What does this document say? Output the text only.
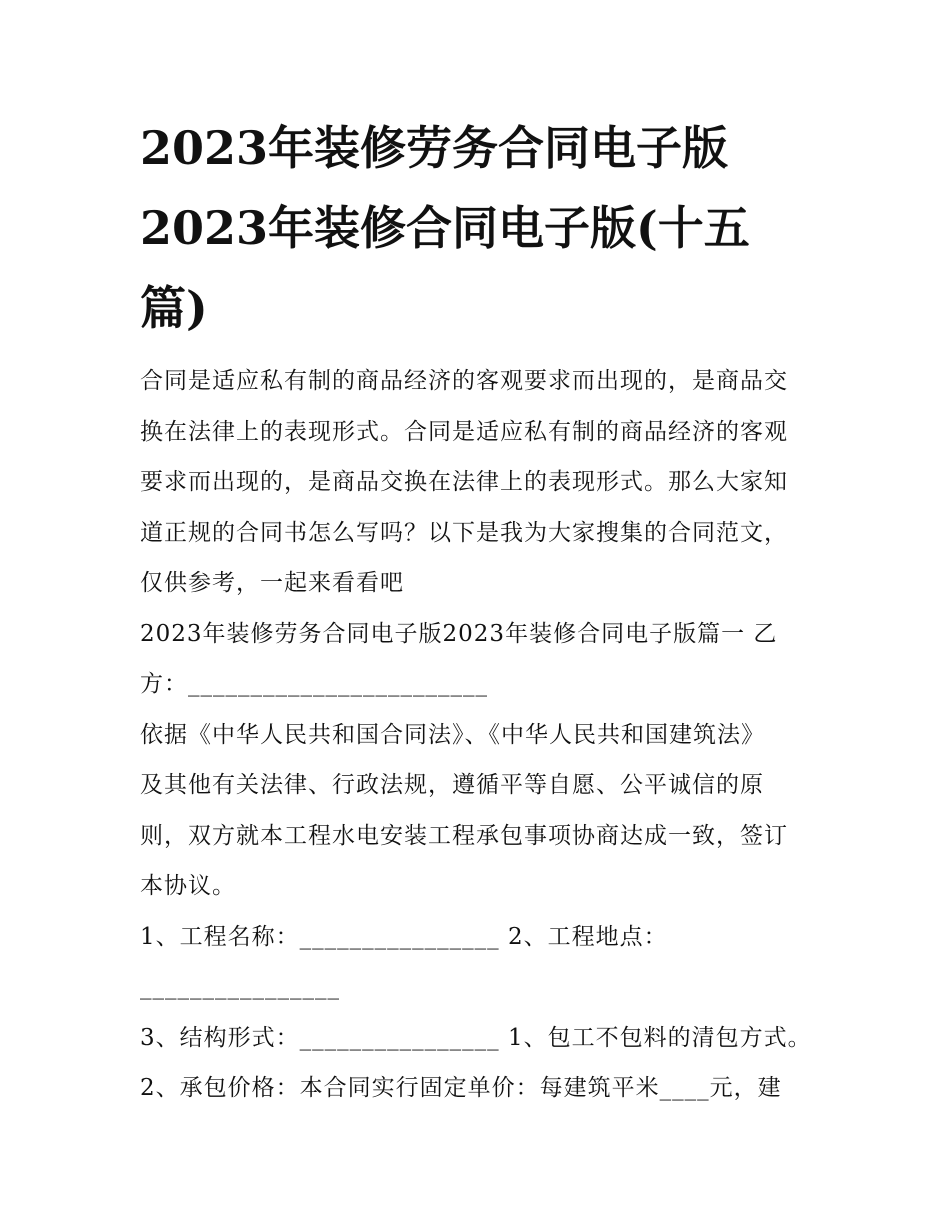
2023年装修劳务合同电子版
2023年装修合同电子版(十五
篇)
合同是适应私有制的商品经济的客观要求而出现的，是商品交
换在法律上的表现形式。合同是适应私有制的商品经济的客观
要求而出现的，是商品交换在法律上的表现形式。那么大家知
道正规的合同书怎么写吗？以下是我为大家搜集的合同范文，
仅供参考，一起来看看吧
2023年装修劳务合同电子版2023年装修合同电子版篇一 乙
方：________________________
依据《中华人民共和国合同法》、《中华人民共和国建筑法》
及其他有关法律、行政法规，遵循平等自愿、公平诚信的原
则，双方就本工程水电安装工程承包事项协商达成一致，签订
本协议。
1、工程名称：________________ 2、工程地点：
________________
3、结构形式：________________ 1、包工不包料的清包方式。
2、承包价格：本合同实行固定单价：每建筑平米____元，建
